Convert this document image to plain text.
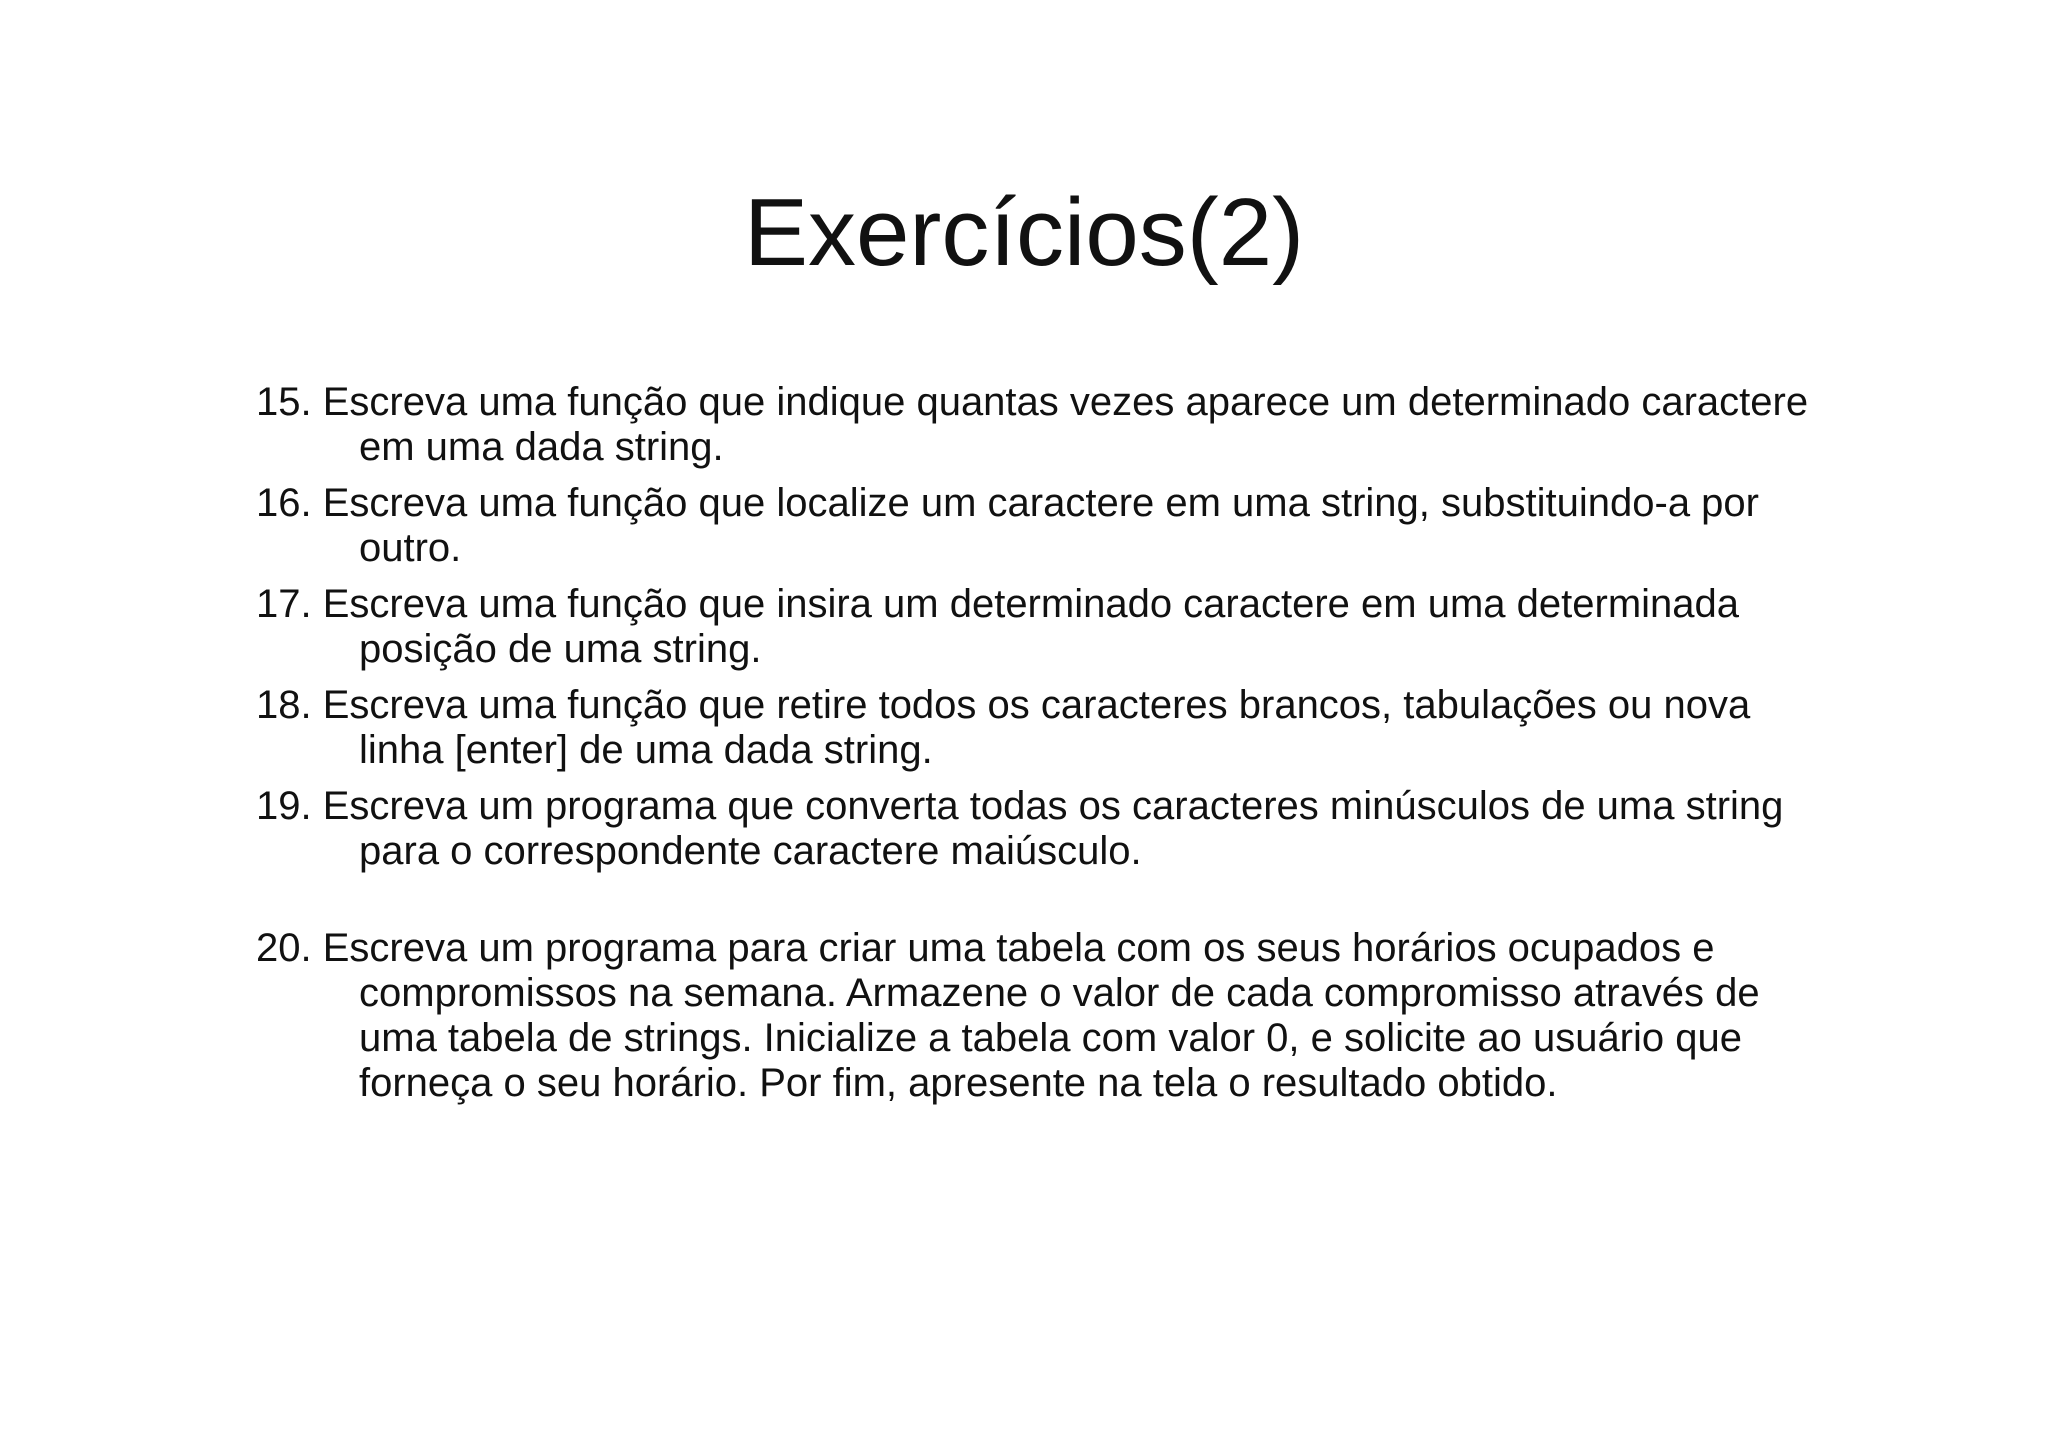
Exercícios(2)
15. Escreva uma função que indique quantas vezes aparece um determinado caractere em uma dada string.
16. Escreva uma função que localize um caractere em uma string, substituindo-a por outro.
17. Escreva uma função que insira um determinado caractere em uma determinada posição de uma string.
18. Escreva uma função que retire todos os caracteres brancos, tabulações ou nova linha [enter] de uma dada string.
19. Escreva um programa que converta todas os caracteres minúsculos de uma string para o correspondente caractere maiúsculo.
20. Escreva um programa para criar uma tabela com os seus horários ocupados e compromissos na semana. Armazene o valor de cada compromisso através de uma tabela de strings. Inicialize a tabela com valor 0, e solicite ao usuário que forneça o seu horário. Por fim, apresente na tela o resultado obtido.
